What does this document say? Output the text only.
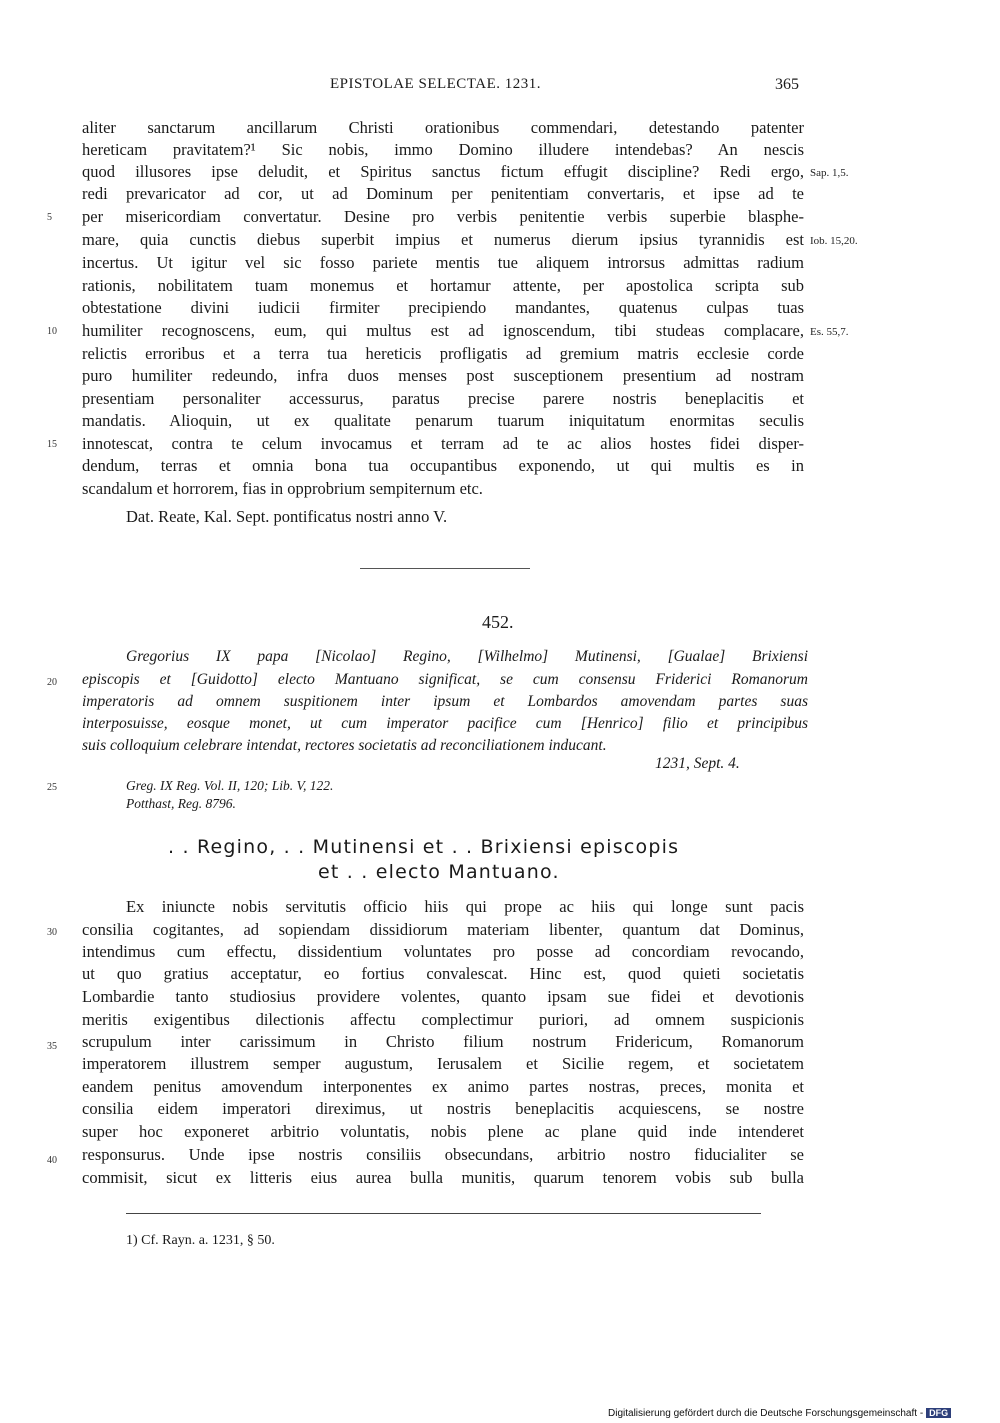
EPISTOLAE SELECTAE. 1231.	365
aliter sanctarum ancillarum Christi orationibus commendari, detestando patenter
hereticam pravitatem?¹ Sic nobis, immo Domino illudere intendebas? An nescis
quod illusores ipse deludit, et Spiritus sanctus fictum effugit discipline? Redi ergo,
redi prevaricator ad cor, ut ad Dominum per penitentiam convertaris, et ipse ad te
per misericordiam convertatur. Desine pro verbis penitentie verbis superbie blasphe-
mare, quia cunctis diebus superbit impius et numerus dierum ipsius tyrannidis est
incertus. Ut igitur vel sic fosso pariete mentis tue aliquem introrsus admittas radium
rationis, nobilitatem tuam monemus et hortamur attente, per apostolica scripta sub
obtestatione divini iudicii firmiter precipiendo mandantes, quatenus culpas tuas
humiliter recognoscens, eum, qui multus est ad ignoscendum, tibi studeas complacare,
relictis erroribus et a terra tua hereticis profligatis ad gremium matris ecclesie corde
puro humiliter redeundo, infra duos menses post susceptionem presentium ad nostram
presentiam personaliter accessurus, paratus precise parere nostris beneplacitis et
mandatis. Alioquin, ut ex qualitate penarum tuarum iniquitatum enormitas seculis
innotescat, contra te celum invocamus et terram ad te ac alios hostes fidei disper-
dendum, terras et omnia bona tua occupantibus exponendo, ut qui multis es in
scandalum et horrorem, fias in opprobrium sempiternum etc.
5
10
15
20
25
30
35
40
Sap. 1,5.
Iob. 15,20.
Es. 55,7.
Dat. Reate, Kal. Sept. pontificatus nostri anno V.
452.
Gregorius IX papa [Nicolao] Regino, [Wilhelmo] Mutinensi, [Gualae] Brixiensi
episcopis et [Guidotto] electo Mantuano significat, se cum consensu Friderici Romanorum
imperatoris ad omnem suspitionem inter ipsum et Lombardos amovendam partes suas
interposuisse, eosque monet, ut cum imperator pacifice cum [Henrico] filio et principibus
suis colloquium celebrare intendat, rectores societatis ad reconciliationem inducant.
1231, Sept. 4.
Greg. IX Reg. Vol. II, 120; Lib. V, 122.
Potthast, Reg. 8796.
. . Regino, . . Mutinensi et . . Brixiensi episcopis
et . . electo Mantuano.
Ex iniuncte nobis servitutis officio hiis qui prope ac hiis qui longe sunt pacis
consilia cogitantes, ad sopiendam dissidiorum materiam libenter, quantum dat Dominus,
intendimus cum effectu, dissidentium voluntates pro posse ad concordiam revocando,
ut quo gratius acceptatur, eo fortius convalescat. Hinc est, quod quieti societatis
Lombardie tanto studiosius providere volentes, quanto ipsam sue fidei et devotionis
meritis exigentibus dilectionis affectu complectimur puriori, ad omnem suspicionis
scrupulum inter carissimum in Christo filium nostrum Fridericum, Romanorum
imperatorem illustrem semper augustum, Ierusalem et Sicilie regem, et societatem
eandem penitus amovendum interponentes ex animo partes nostras, preces, monita et
consilia eidem imperatori direximus, ut nostris beneplacitis acquiescens, se nostre
super hoc exponeret arbitrio voluntatis, nobis plene ac plane quid inde intenderet
responsurus. Unde ipse nostris consiliis obsecundans, arbitrio nostro fiducialiter se
commisit, sicut ex litteris eius aurea bulla munitis, quarum tenorem vobis sub bulla
1) Cf. Rayn. a. 1231, § 50.
Digitalisierung gefördert durch die Deutsche Forschungsgemeinschaft - DFG
